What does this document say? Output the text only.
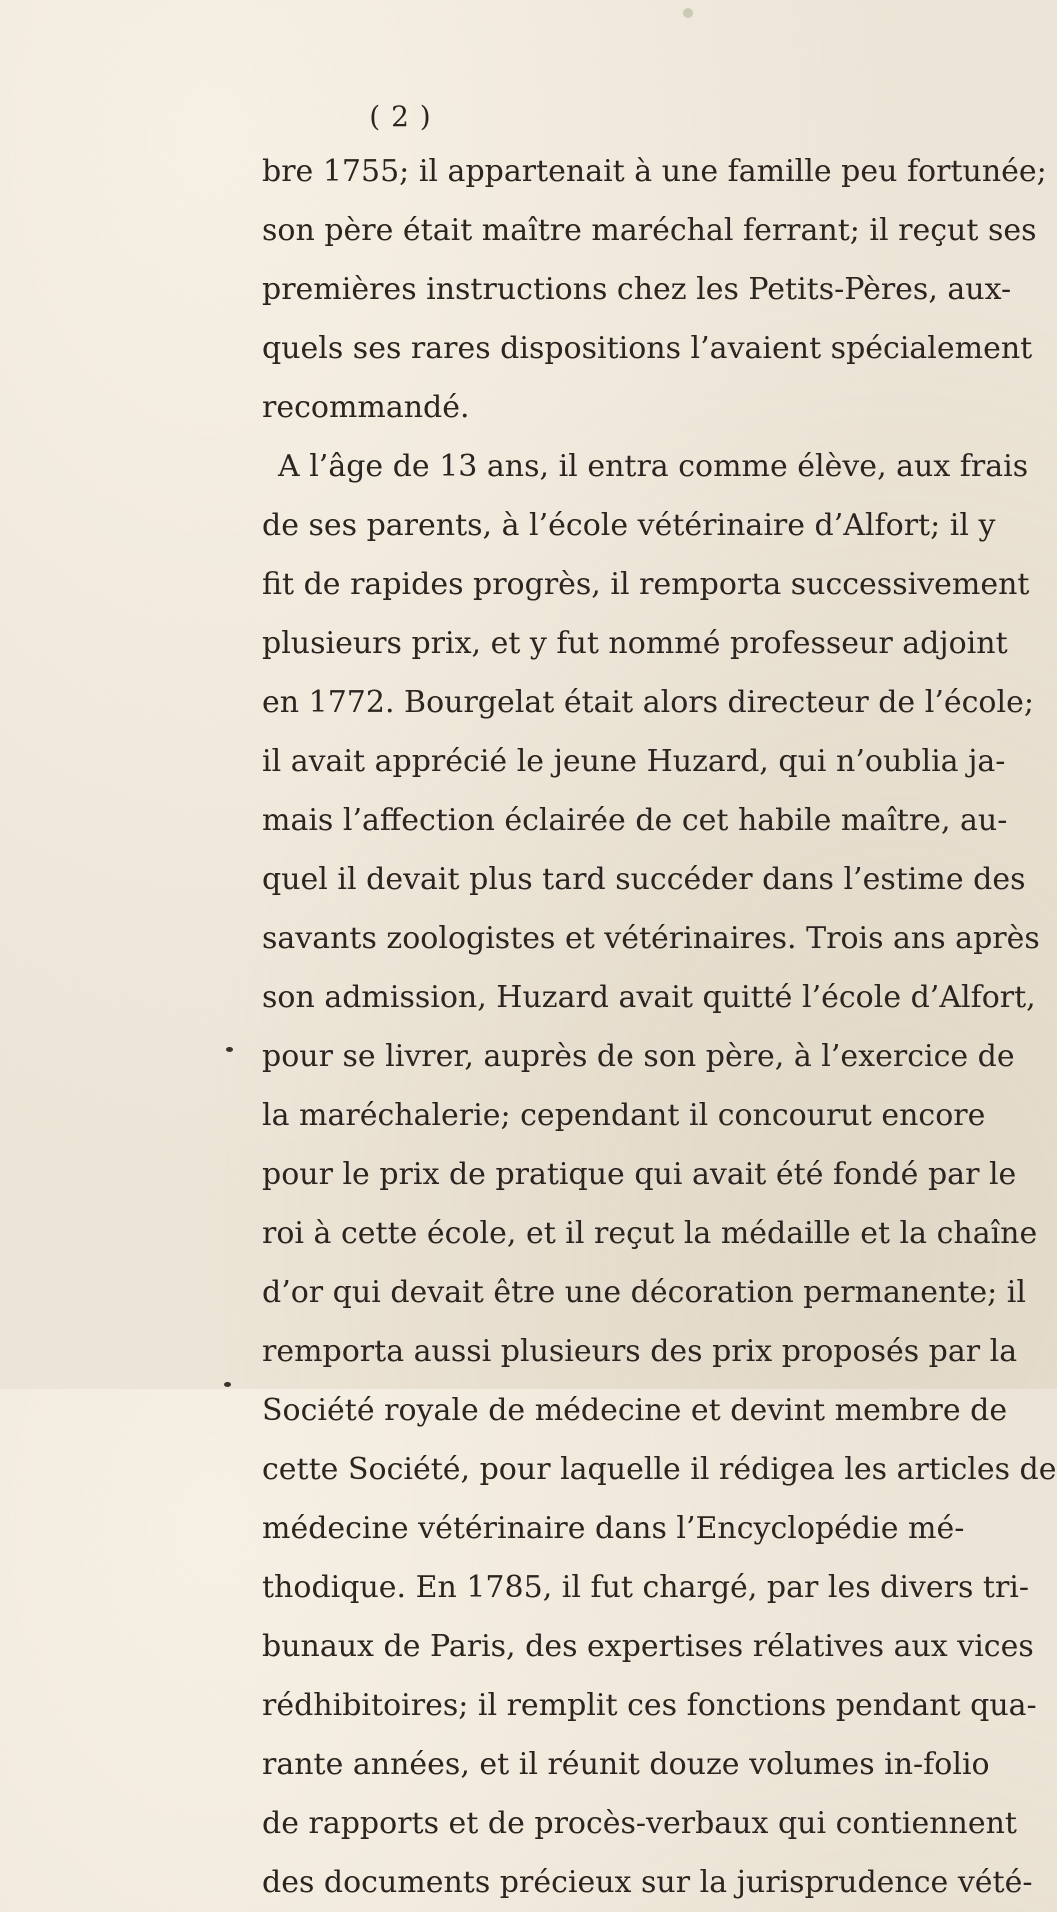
( 2 )
bre 1755; il appartenait à une famille peu fortunée;
son père était maître maréchal ferrant; il reçut ses
premières instructions chez les Petits-Pères, aux-
quels ses rares dispositions l’avaient spécialement
recommandé.
A l’âge de 13 ans, il entra comme élève, aux frais
de ses parents, à l’école vétérinaire d’Alfort; il y
fit de rapides progrès, il remporta successivement
plusieurs prix, et y fut nommé professeur adjoint
en 1772. Bourgelat était alors directeur de l’école;
il avait apprécié le jeune Huzard, qui n’oublia ja-
mais l’affection éclairée de cet habile maître, au-
quel il devait plus tard succéder dans l’estime des
savants zoologistes et vétérinaires. Trois ans après
son admission, Huzard avait quitté l’école d’Alfort,
pour se livrer, auprès de son père, à l’exercice de
la maréchalerie; cependant il concourut encore
pour le prix de pratique qui avait été fondé par le
roi à cette école, et il reçut la médaille et la chaîne
d’or qui devait être une décoration permanente; il
remporta aussi plusieurs des prix proposés par la
Société royale de médecine et devint membre de
cette Société, pour laquelle il rédigea les articles de
médecine vétérinaire dans l’Encyclopédie mé-
thodique. En 1785, il fut chargé, par les divers tri-
bunaux de Paris, des expertises rélatives aux vices
rédhibitoires; il remplit ces fonctions pendant qua-
rante années, et il réunit douze volumes in-folio
de rapports et de procès-verbaux qui contiennent
des documents précieux sur la jurisprudence vété-
